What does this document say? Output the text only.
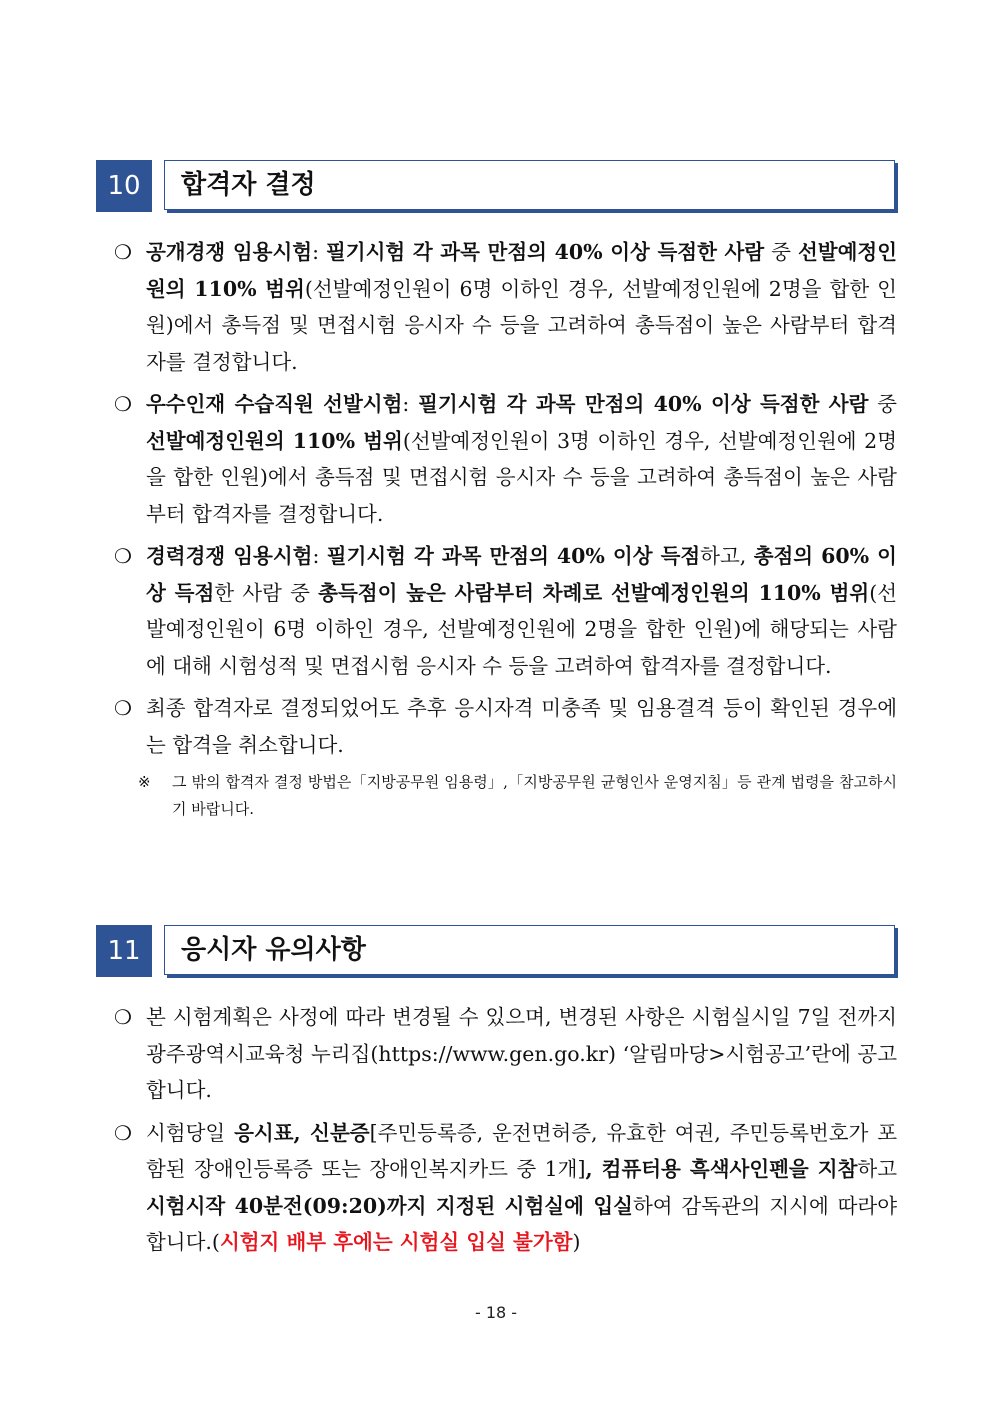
10	합격자 결정
❍ 공개경쟁 임용시험: 필기시험 각 과목 만점의 40% 이상 득점한 사람 중 선발예정인원의 110% 범위(선발예정인원이 6명 이하인 경우, 선발예정인원에 2명을 합한 인원)에서 총득점 및 면접시험 응시자 수 등을 고려하여 총득점이 높은 사람부터 합격자를 결정합니다.
❍ 우수인재 수습직원 선발시험: 필기시험 각 과목 만점의 40% 이상 득점한 사람 중 선발예정인원의 110% 범위(선발예정인원이 3명 이하인 경우, 선발예정인원에 2명을 합한 인원)에서 총득점 및 면접시험 응시자 수 등을 고려하여 총득점이 높은 사람부터 합격자를 결정합니다.
❍ 경력경쟁 임용시험: 필기시험 각 과목 만점의 40% 이상 득점하고, 총점의 60% 이상 득점한 사람 중 총득점이 높은 사람부터 차례로 선발예정인원의 110% 범위(선발예정인원이 6명 이하인 경우, 선발예정인원에 2명을 합한 인원)에 해당되는 사람에 대해 시험성적 및 면접시험 응시자 수 등을 고려하여 합격자를 결정합니다.
❍ 최종 합격자로 결정되었어도 추후 응시자격 미충족 및 임용결격 등이 확인된 경우에는 합격을 취소합니다.
※	그 밖의 합격자 결정 방법은「지방공무원 임용령」,「지방공무원 균형인사 운영지침」등 관계 법령을 참고하시기 바랍니다.
11	응시자 유의사항
❍ 본 시험계획은 사정에 따라 변경될 수 있으며, 변경된 사항은 시험실시일 7일 전까지 광주광역시교육청 누리집(https://www.gen.go.kr) ‘알림마당>시험공고’란에 공고합니다.
❍ 시험당일 응시표, 신분증[주민등록증, 운전면허증, 유효한 여권, 주민등록번호가 포함된 장애인등록증 또는 장애인복지카드 중 1개], 컴퓨터용 흑색사인펜을 지참하고 시험시작 40분전(09:20)까지 지정된 시험실에 입실하여 감독관의 지시에 따라야 합니다.(시험지 배부 후에는 시험실 입실 불가함)
- 18 -
